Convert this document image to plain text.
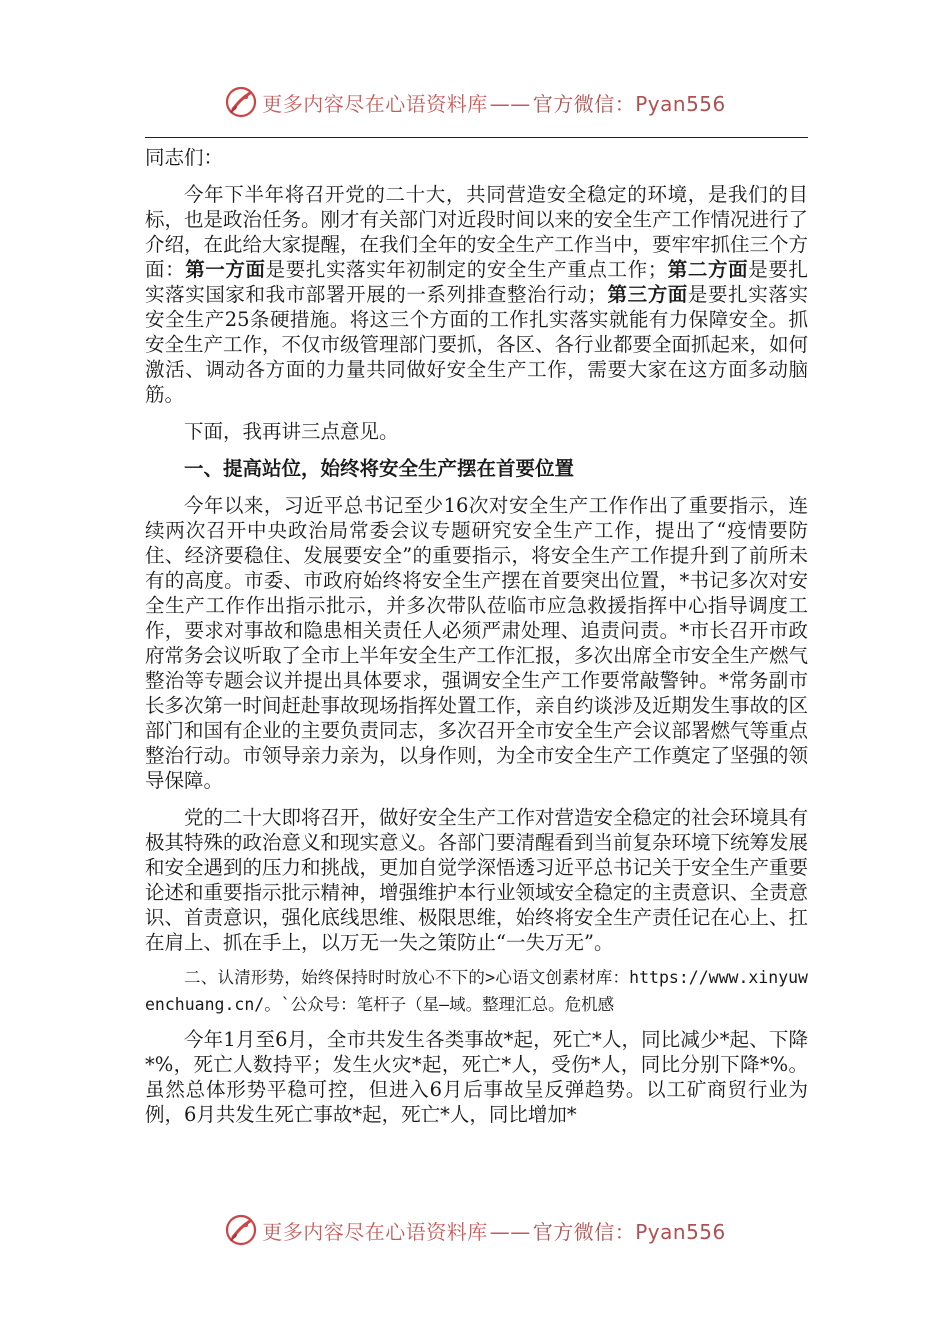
更多内容尽在心语资料库 —— 官方微信：Pyan556

同志们：

今年下半年将召开党的二十大，共同营造安全稳定的环境，是我们的目标，也是政治任务。刚才有关部门对近段时间以来的安全生产工作情况进行了介绍，在此给大家提醒，在我们全年的安全生产工作当中，要牢牢抓住三个方面：第一方面是要扎实落实年初制定的安全生产重点工作；第二方面是要扎实落实国家和我市部署开展的一系列排查整治行动；第三方面是要扎实落实安全生产25条硬措施。将这三个方面的工作扎实落实就能有力保障安全。抓安全生产工作，不仅市级管理部门要抓，各区、各行业都要全面抓起来，如何激活、调动各方面的力量共同做好安全生产工作，需要大家在这方面多动脑筋。

下面，我再讲三点意见。

一、提高站位，始终将安全生产摆在首要位置

今年以来，习近平总书记至少16次对安全生产工作作出了重要指示，连续两次召开中央政治局常委会议专题研究安全生产工作，提出了“疫情要防住、经济要稳住、发展要安全”的重要指示，将安全生产工作提升到了前所未有的高度。市委、市政府始终将安全生产摆在首要突出位置，*书记多次对安全生产工作作出指示批示，并多次带队莅临市应急救援指挥中心指导调度工作，要求对事故和隐患相关责任人必须严肃处理、追责问责。*市长召开市政府常务会议听取了全市上半年安全生产工作汇报，多次出席全市安全生产燃气整治等专题会议并提出具体要求，强调安全生产工作要常敲警钟。*常务副市长多次第一时间赶赴事故现场指挥处置工作，亲自约谈涉及近期发生事故的区部门和国有企业的主要负责同志，多次召开全市安全生产会议部署燃气等重点整治行动。市领导亲力亲为，以身作则，为全市安全生产工作奠定了坚强的领导保障。

党的二十大即将召开，做好安全生产工作对营造安全稳定的社会环境具有极其特殊的政治意义和现实意义。各部门要清醒看到当前复杂环境下统筹发展和安全遇到的压力和挑战，更加自觉学深悟透习近平总书记关于安全生产重要论述和重要指示批示精神，增强维护本行业领域安全稳定的主责意识、全责意识、首责意识，强化底线思维、极限思维，始终将安全生产责任记在心上、扛在肩上、抓在手上，以万无一失之策防止“一失万无”。

二、认清形势，始终保持时时放心不下的>心语文创素材库：https://www.xinyuwenchuang.cn/。`公众号：笔杆子（星—域。整理汇总。危机感

今年1月至6月，全市共发生各类事故*起，死亡*人，同比减少*起、下降*%，死亡人数持平；发生火灾*起，死亡*人，受伤*人，同比分别下降*%。虽然总体形势平稳可控，但进入6月后事故呈反弹趋势。以工矿商贸行业为例，6月共发生死亡事故*起，死亡*人，同比增加*

更多内容尽在心语资料库 —— 官方微信：Pyan556
